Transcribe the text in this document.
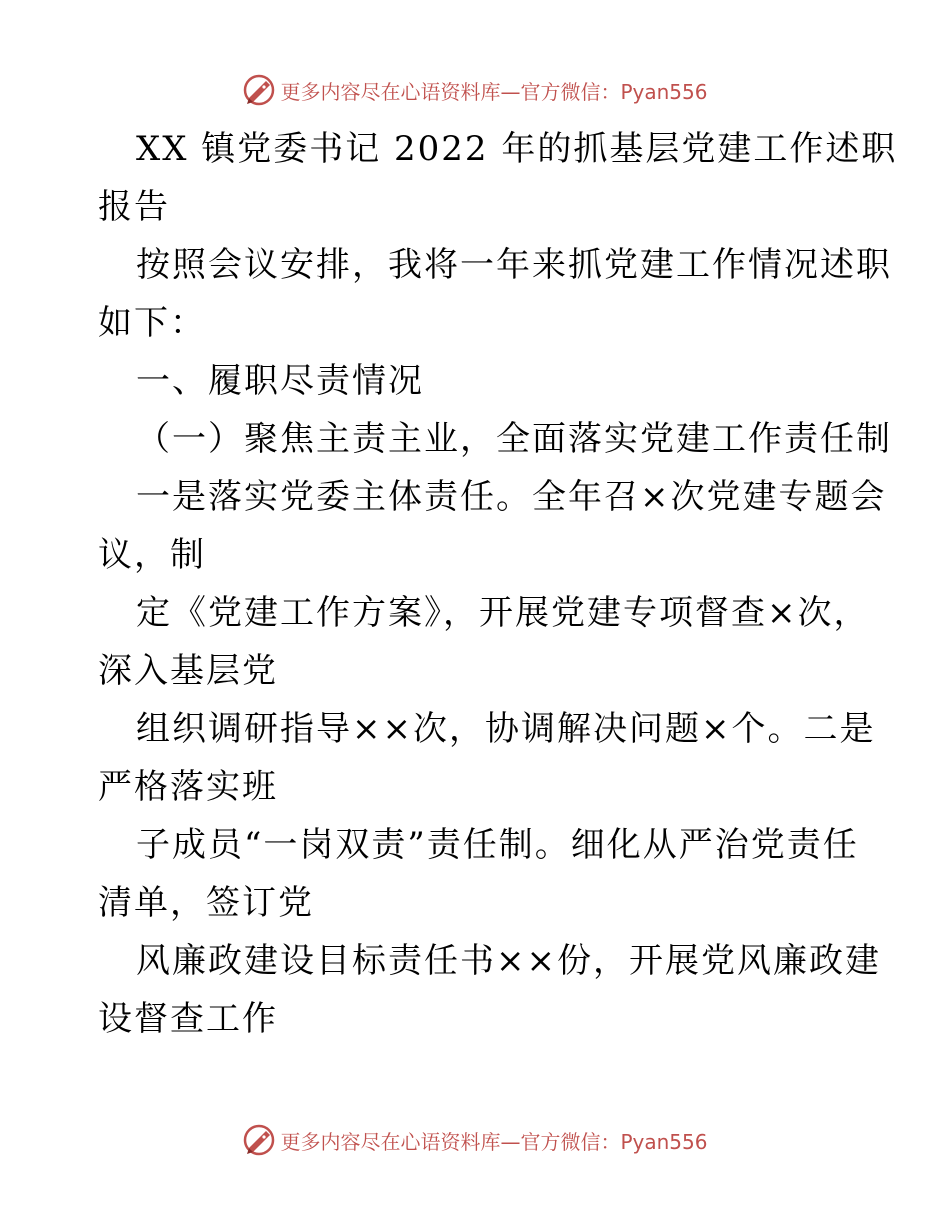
更多内容尽在心语资料库—官方微信：Pyan556
XX 镇党委书记 2022 年的抓基层党建工作述职
报告
按照会议安排，我将一年来抓党建工作情况述职
如下：
一、履职尽责情况
（一）聚焦主责主业，全面落实党建工作责任制
一是落实党委主体责任。全年召×次党建专题会
议，制
定《党建工作方案》，开展党建专项督查×次，
深入基层党
组织调研指导××次，协调解决问题×个。二是
严格落实班
子成员“一岗双责”责任制。细化从严治党责任
清单，签订党
风廉政建设目标责任书××份，开展党风廉政建
设督查工作
更多内容尽在心语资料库—官方微信：Pyan556
